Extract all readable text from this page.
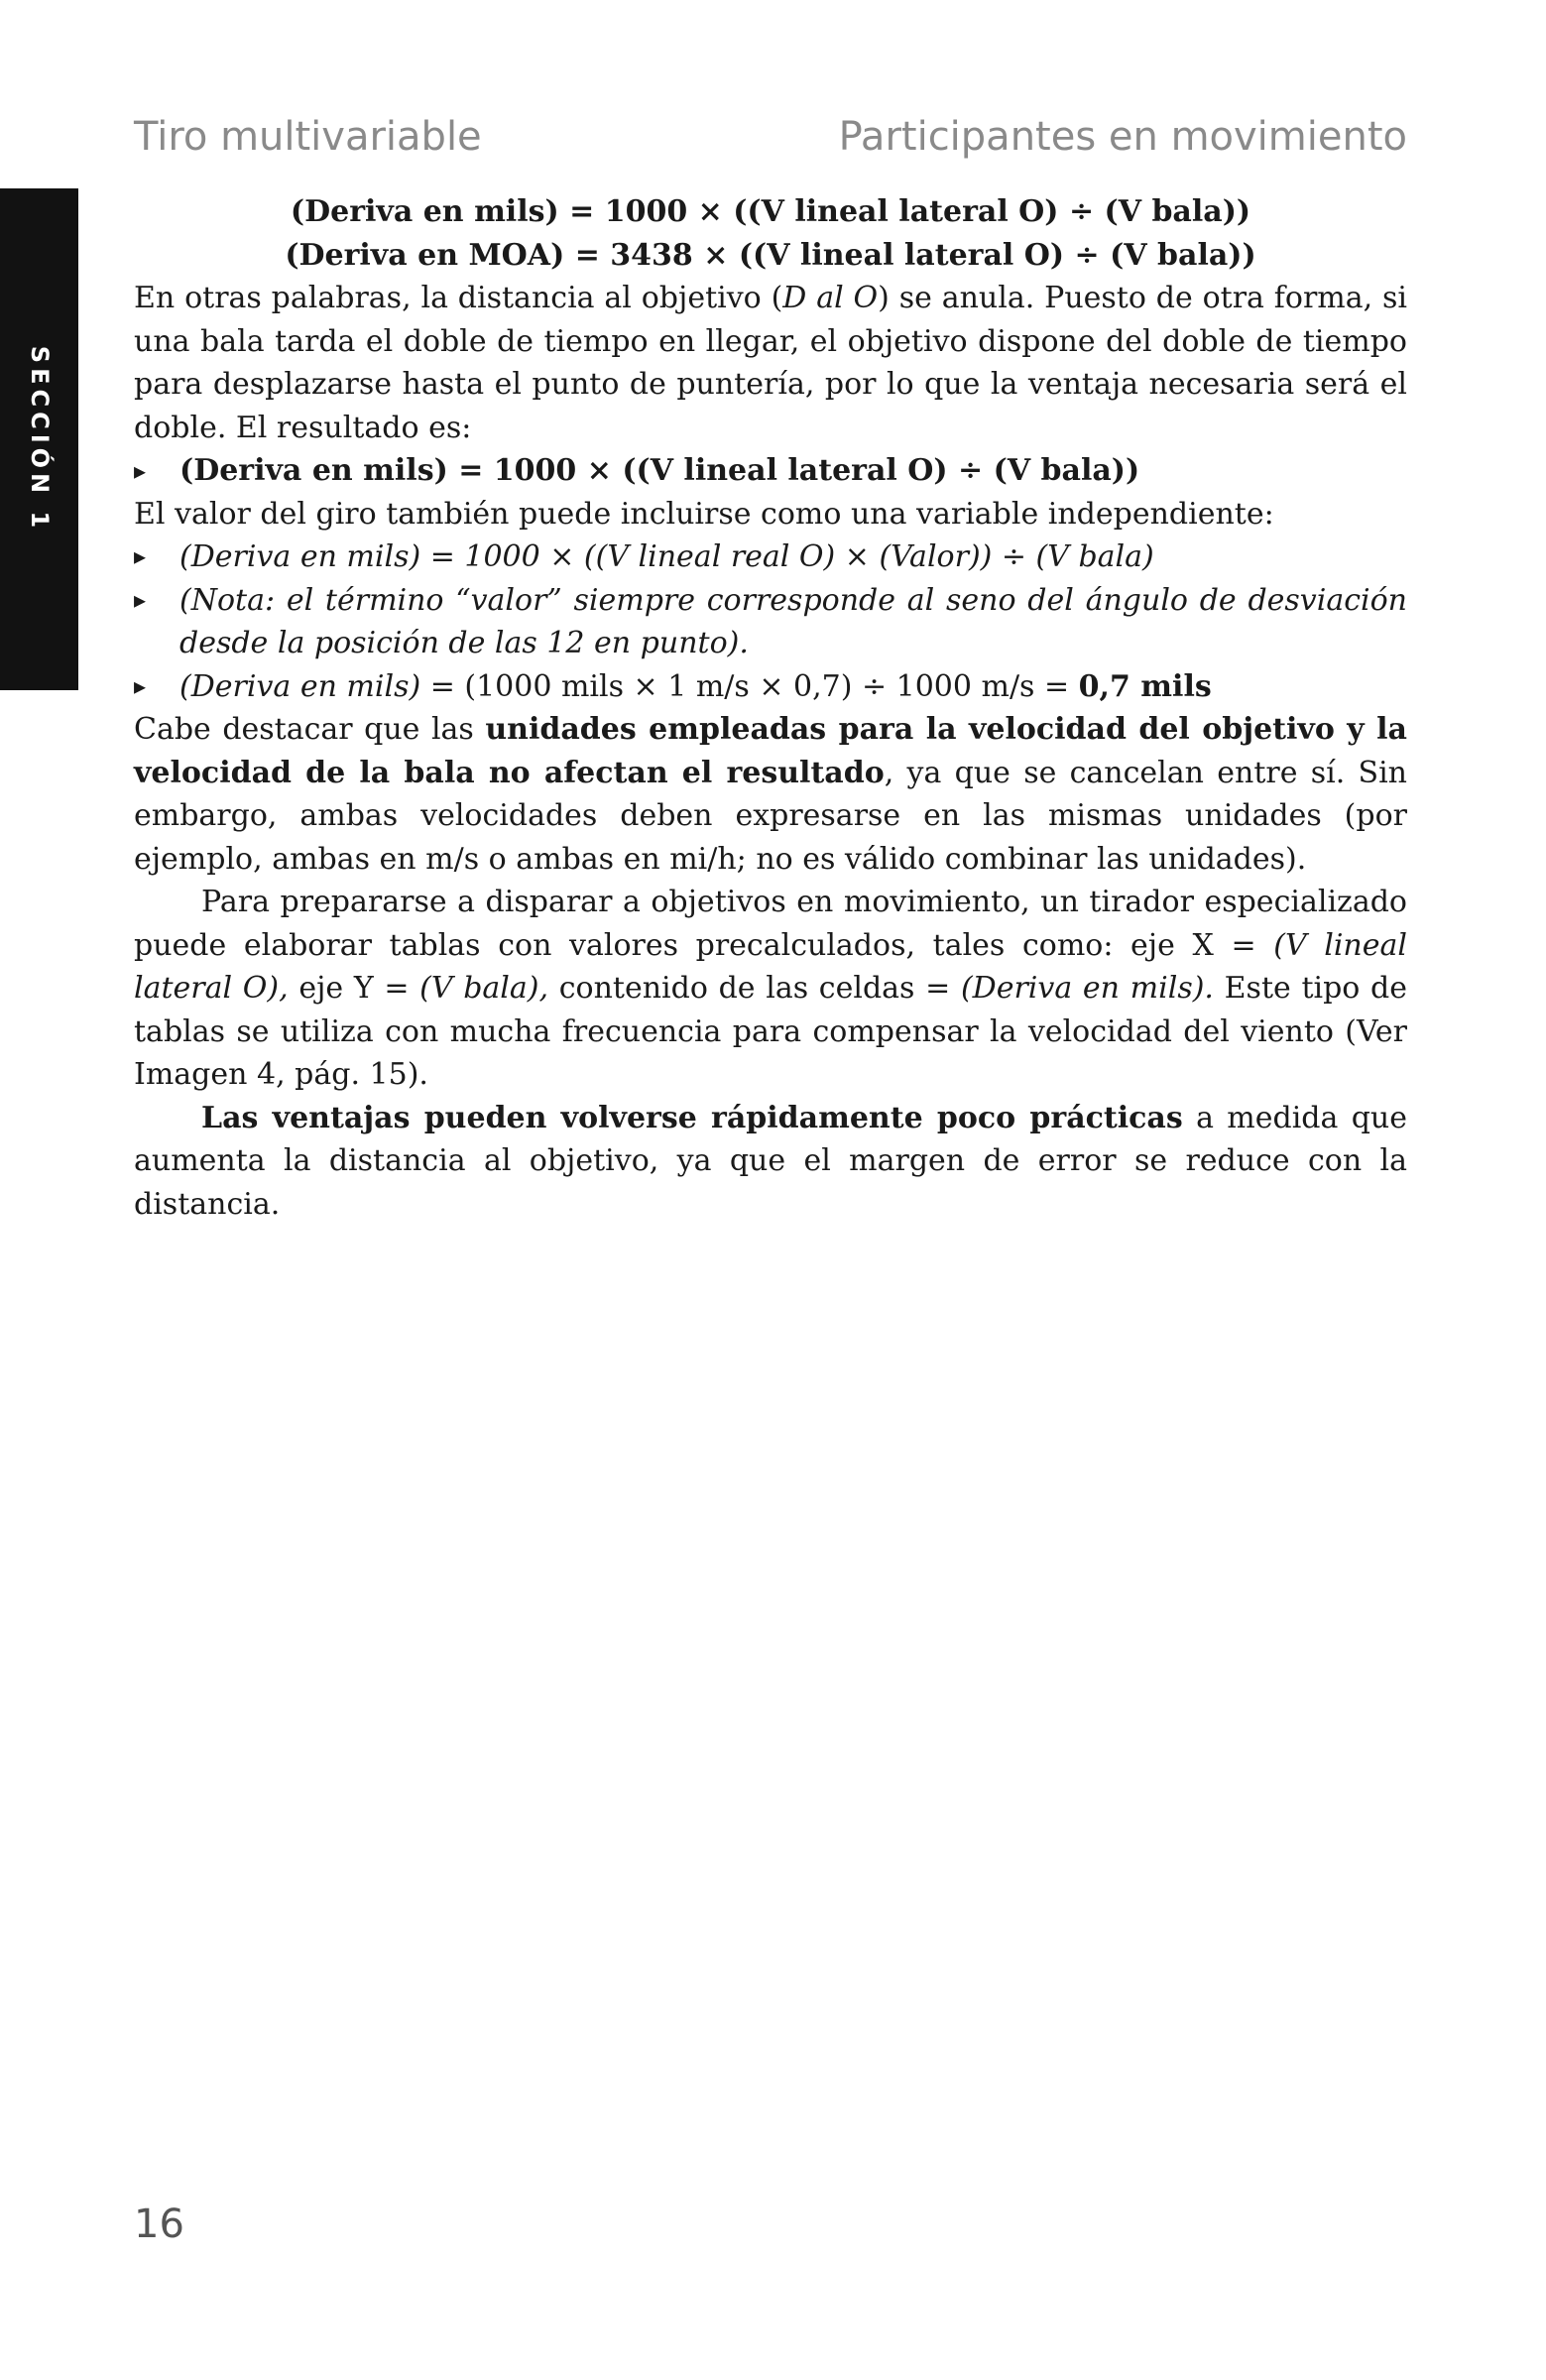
Tiro multivariable	Participantes en movimiento
SECCIÓN 1

(Deriva en mils) = 1000 × ((V lineal lateral O) ÷ (V bala))

(Deriva en MOA) = 3438 × ((V lineal lateral O) ÷ (V bala))

En otras palabras, la distancia al objetivo (D al O) se anula. Puesto de otra forma, si una bala tarda el doble de tiempo en llegar, el objetivo dispone del doble de tiempo para desplazarse hasta el punto de puntería, por lo que la ventaja necesaria será el doble. El resultado es:

▸ (Deriva en mils) = 1000 × ((V lineal lateral O) ÷ (V bala))

El valor del giro también puede incluirse como una variable independiente:

▸ (Deriva en mils) = 1000 × ((V lineal real O) × (Valor)) ÷ (V bala)

▸ (Nota: el término “valor” siempre corresponde al seno del ángulo de desviación desde la posición de las 12 en punto).

▸ (Deriva en mils) = (1000 mils × 1 m/s × 0,7) ÷ 1000 m/s = 0,7 mils

Cabe destacar que las unidades empleadas para la velocidad del objetivo y la velocidad de la bala no afectan el resultado, ya que se cancelan entre sí. Sin embargo, ambas velocidades deben expresarse en las mismas unidades (por ejemplo, ambas en m/s o ambas en mi/h; no es válido combinar las unidades).

Para prepararse a disparar a objetivos en movimiento, un tirador especializado puede elaborar tablas con valores precalculados, tales como: eje X = (V lineal lateral O), eje Y = (V bala), contenido de las celdas = (Deriva en mils). Este tipo de tablas se utiliza con mucha frecuencia para compensar la velocidad del viento (Ver Imagen 4, pág. 15).

Las ventajas pueden volverse rápidamente poco prácticas a medida que aumenta la distancia al objetivo, ya que el margen de error se reduce con la distancia.

16
